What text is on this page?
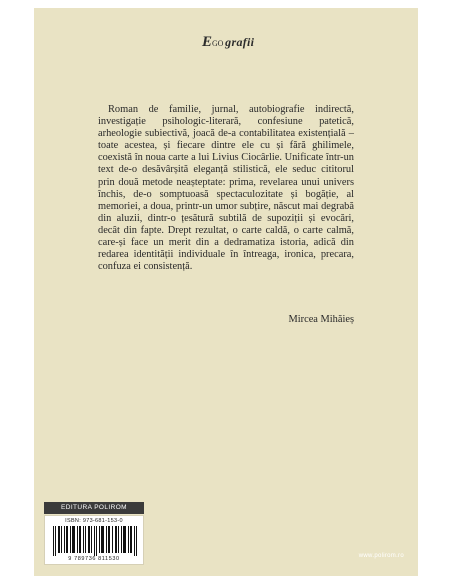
E GO grafii

Roman de familie, jurnal, autobiografie indirectă, investigație psihologic-literară, confesiune patetică, arheologie subiectivă, joacă de-a contabilitatea existențială – toate acestea, și fiecare dintre ele cu și fără ghilimele, coexistă în noua carte a lui Livius Ciocârlie. Unificate într-un text de-o desăvârșită eleganță stilistică, ele seduc cititorul prin două metode neașteptate: prima, revelarea unui univers închis, de-o somptuoasă spectaculozitate și bogăție, al memoriei, a doua, printr-un umor subțire, născut mai degrabă din aluzii, dintr-o țesătură subtilă de supoziții și evocări, decât din fapte. Drept rezultat, o carte caldă, o carte calmă, care-și face un merit din a dedramatiza istoria, adică din redarea identității individuale în întreaga, ironica, precara, confuza ei consistență.

Mircea Mihăieș
EDITURA POLIROM
ISBN: 973-681-153-0
9 789736 811530	www.polirom.ro
